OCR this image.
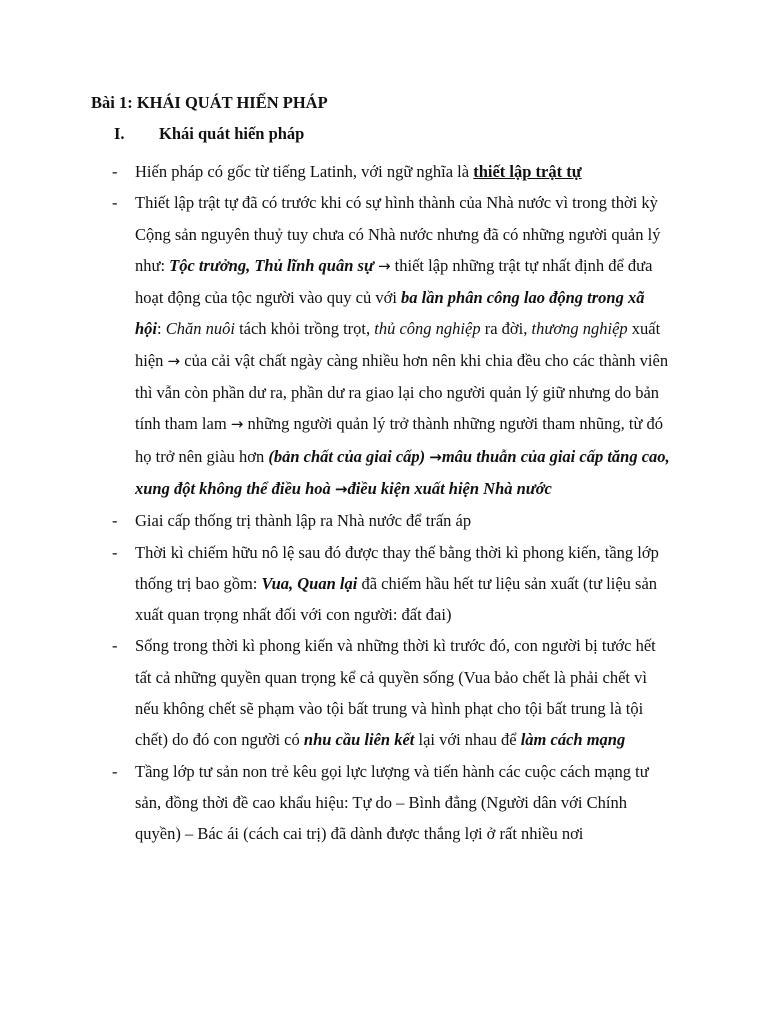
Bài 1: KHÁI QUÁT HIẾN PHÁP
I. Khái quát hiến pháp
- Hiến pháp có gốc từ tiếng Latinh, với ngữ nghĩa là thiết lập trật tự
- Thiết lập trật tự đã có trước khi có sự hình thành của Nhà nước vì trong thời kỳ Cộng sản nguyên thuỷ tuy chưa có Nhà nước nhưng đã có những người quản lý như: Tộc trưởng, Thủ lĩnh quân sự → thiết lập những trật tự nhất định để đưa hoạt động của tộc người vào quy củ với ba lần phân công lao động trong xã hội: Chăn nuôi tách khỏi trồng trọt, thủ công nghiệp ra đời, thương nghiệp xuất hiện → của cải vật chất ngày càng nhiều hơn nên khi chia đều cho các thành viên thì vẫn còn phần dư ra, phần dư ra giao lại cho người quản lý giữ nhưng do bản tính tham lam → những người quản lý trở thành những người tham nhũng, từ đó họ trở nên giàu hơn (bản chất của giai cấp) →mâu thuẫn của giai cấp tăng cao, xung đột không thể điều hoà →điều kiện xuất hiện Nhà nước
- Giai cấp thống trị thành lập ra Nhà nước để trấn áp
- Thời kì chiếm hữu nô lệ sau đó được thay thế bằng thời kì phong kiến, tầng lớp thống trị bao gồm: Vua, Quan lại đã chiếm hầu hết tư liệu sản xuất (tư liệu sản xuất quan trọng nhất đối với con người: đất đai)
- Sống trong thời kì phong kiến và những thời kì trước đó, con người bị tước hết tất cả những quyền quan trọng kể cả quyền sống (Vua bảo chết là phải chết vì nếu không chết sẽ phạm vào tội bất trung và hình phạt cho tội bất trung là tội chết) do đó con người có nhu cầu liên kết lại với nhau để làm cách mạng
- Tầng lớp tư sản non trẻ kêu gọi lực lượng và tiến hành các cuộc cách mạng tư sản, đồng thời đề cao khẩu hiệu: Tự do – Bình đẳng (Người dân với Chính quyền) – Bác ái (cách cai trị) đã dành được thắng lợi ở rất nhiều nơi
